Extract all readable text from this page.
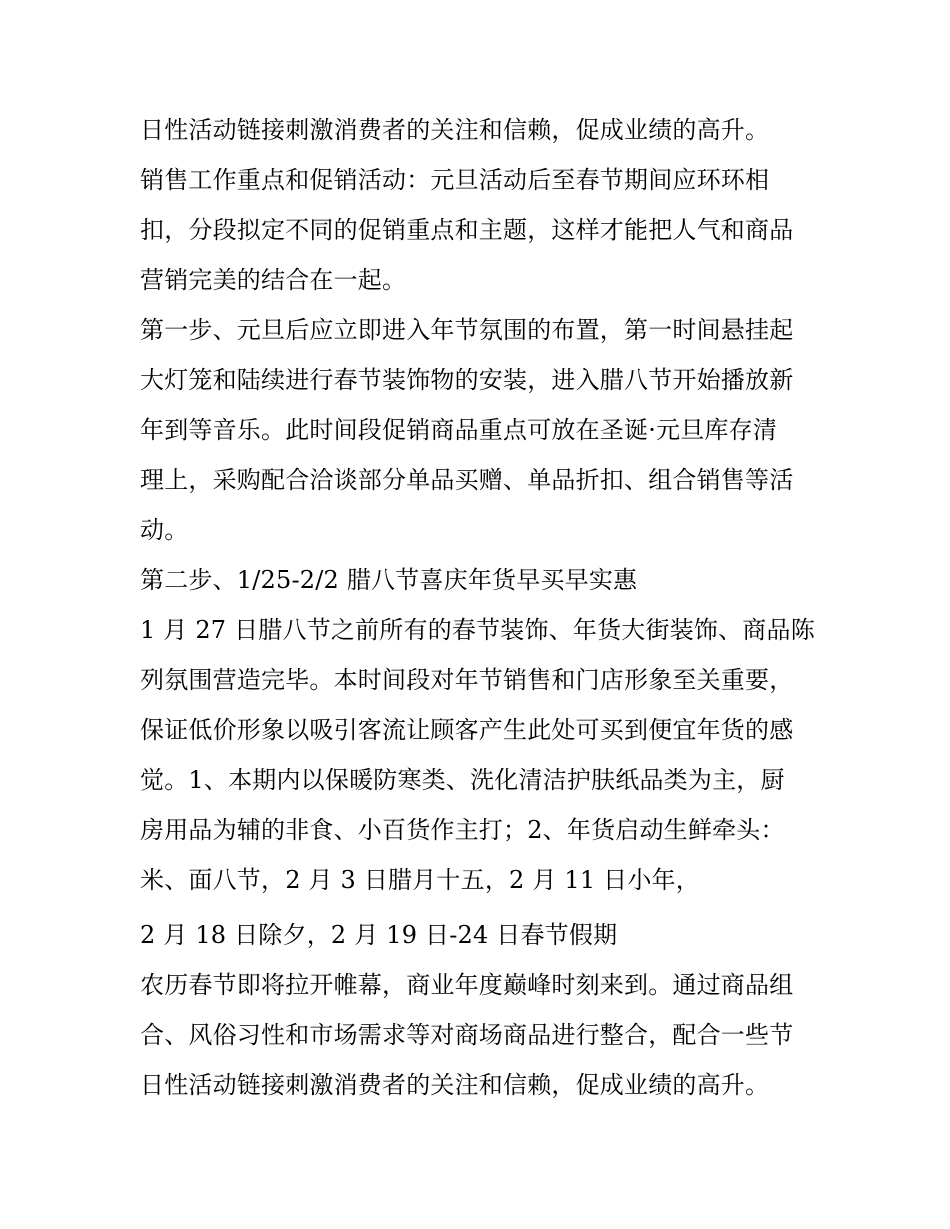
日性活动链接刺激消费者的关注和信赖，促成业绩的高升。

销售工作重点和促销活动：元旦活动后至春节期间应环环相

扣，分段拟定不同的促销重点和主题，这样才能把人气和商品

营销完美的结合在一起。

第一步、元旦后应立即进入年节氛围的布置，第一时间悬挂起

大灯笼和陆续进行春节装饰物的安装，进入腊八节开始播放新

年到等音乐。此时间段促销商品重点可放在圣诞·元旦库存清

理上，采购配合洽谈部分单品买赠、单品折扣、组合销售等活

动。

第二步、1/25-2/2 腊八节喜庆年货早买早实惠

1 月 27 日腊八节之前所有的春节装饰、年货大街装饰、商品陈

列氛围营造完毕。本时间段对年节销售和门店形象至关重要，

保证低价形象以吸引客流让顾客产生此处可买到便宜年货的感

觉。1、本期内以保暖防寒类、洗化清洁护肤纸品类为主，厨

房用品为辅的非食、小百货作主打；2、年货启动生鲜牵头：

米、面八节，2 月 3 日腊月十五，2 月 11 日小年，

2 月 18 日除夕，2 月 19 日-24 日春节假期

农历春节即将拉开帷幕，商业年度巅峰时刻来到。通过商品组

合、风俗习性和市场需求等对商场商品进行整合，配合一些节

日性活动链接刺激消费者的关注和信赖，促成业绩的高升。
